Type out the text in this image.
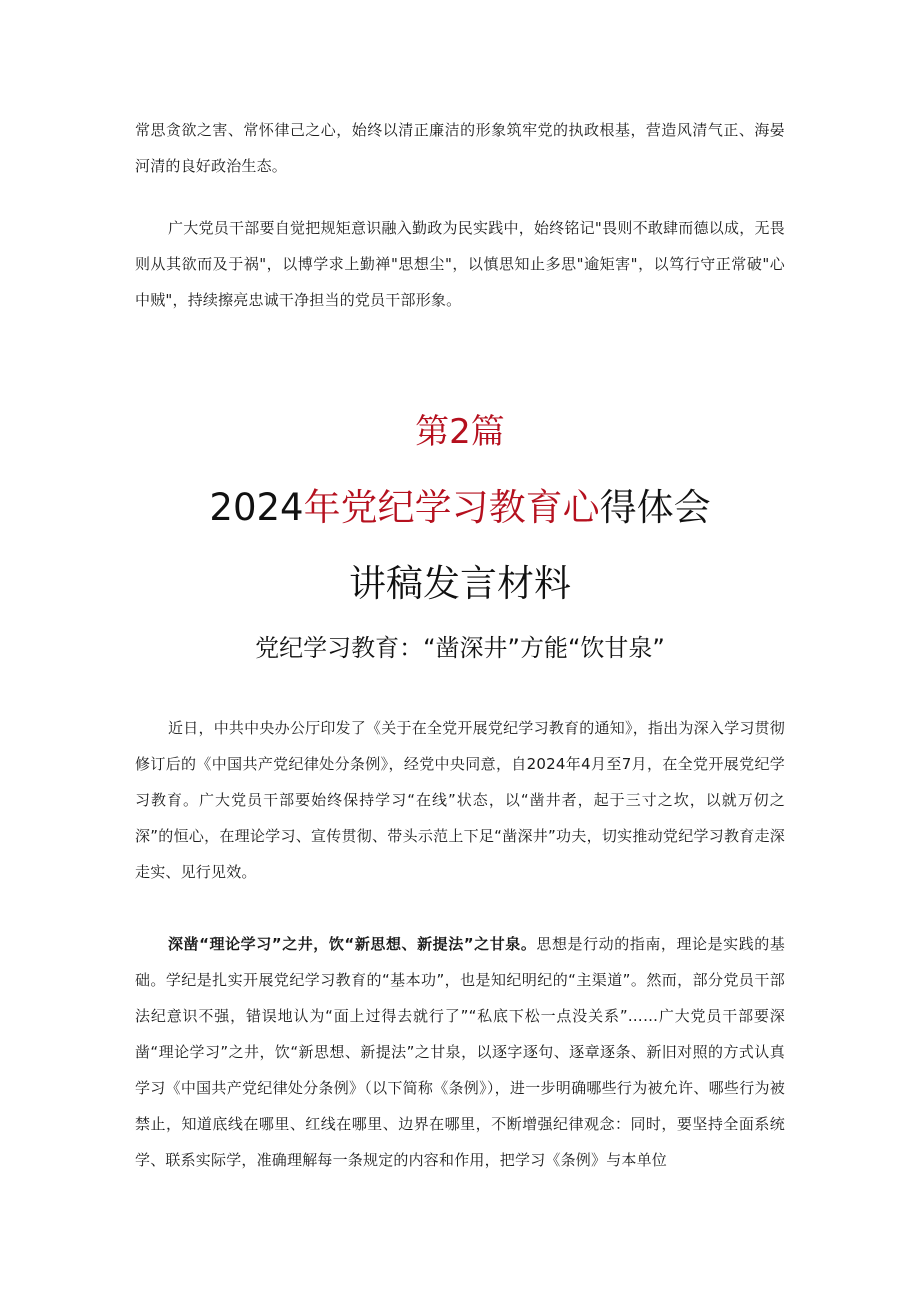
常思贪欲之害、常怀律己之心，始终以清正廉洁的形象筑牢党的执政根基，营造风清气正、海晏河清的良好政治生态。

广大党员干部要自觉把规矩意识融入勤政为民实践中，始终铭记"畏则不敢肆而德以成，无畏则从其欲而及于祸"，以博学求上勤禅"思想尘"，以慎思知止多思"逾矩害"，以笃行守正常破"心中贼"，持续擦亮忠诚干净担当的党员干部形象。

第2篇
2024年党纪学习教育心得体会
讲稿发言材料
党纪学习教育：“凿深井”方能“饮甘泉”

近日，中共中央办公厅印发了《关于在全党开展党纪学习教育的通知》，指出为深入学习贯彻修订后的《中国共产党纪律处分条例》，经党中央同意，自2024年4月至7月，在全党开展党纪学习教育。广大党员干部要始终保持学习“在线”状态，以“凿井者，起于三寸之坎，以就万仞之深”的恒心，在理论学习、宣传贯彻、带头示范上下足“凿深井”功夫，切实推动党纪学习教育走深走实、见行见效。

深凿“理论学习”之井，饮“新思想、新提法”之甘泉。思想是行动的指南，理论是实践的基础。学纪是扎实开展党纪学习教育的“基本功”，也是知纪明纪的“主渠道”。然而，部分党员干部法纪意识不强，错误地认为“面上过得去就行了”“私底下松一点没关系”……广大党员干部要深凿“理论学习”之井，饮“新思想、新提法”之甘泉，以逐字逐句、逐章逐条、新旧对照的方式认真学习《中国共产党纪律处分条例》（以下简称《条例》），进一步明确哪些行为被允许、哪些行为被禁止，知道底线在哪里、红线在哪里、边界在哪里，不断增强纪律观念：同时，要坚持全面系统学、联系实际学，准确理解每一条规定的内容和作用，把学习《条例》与本单位
